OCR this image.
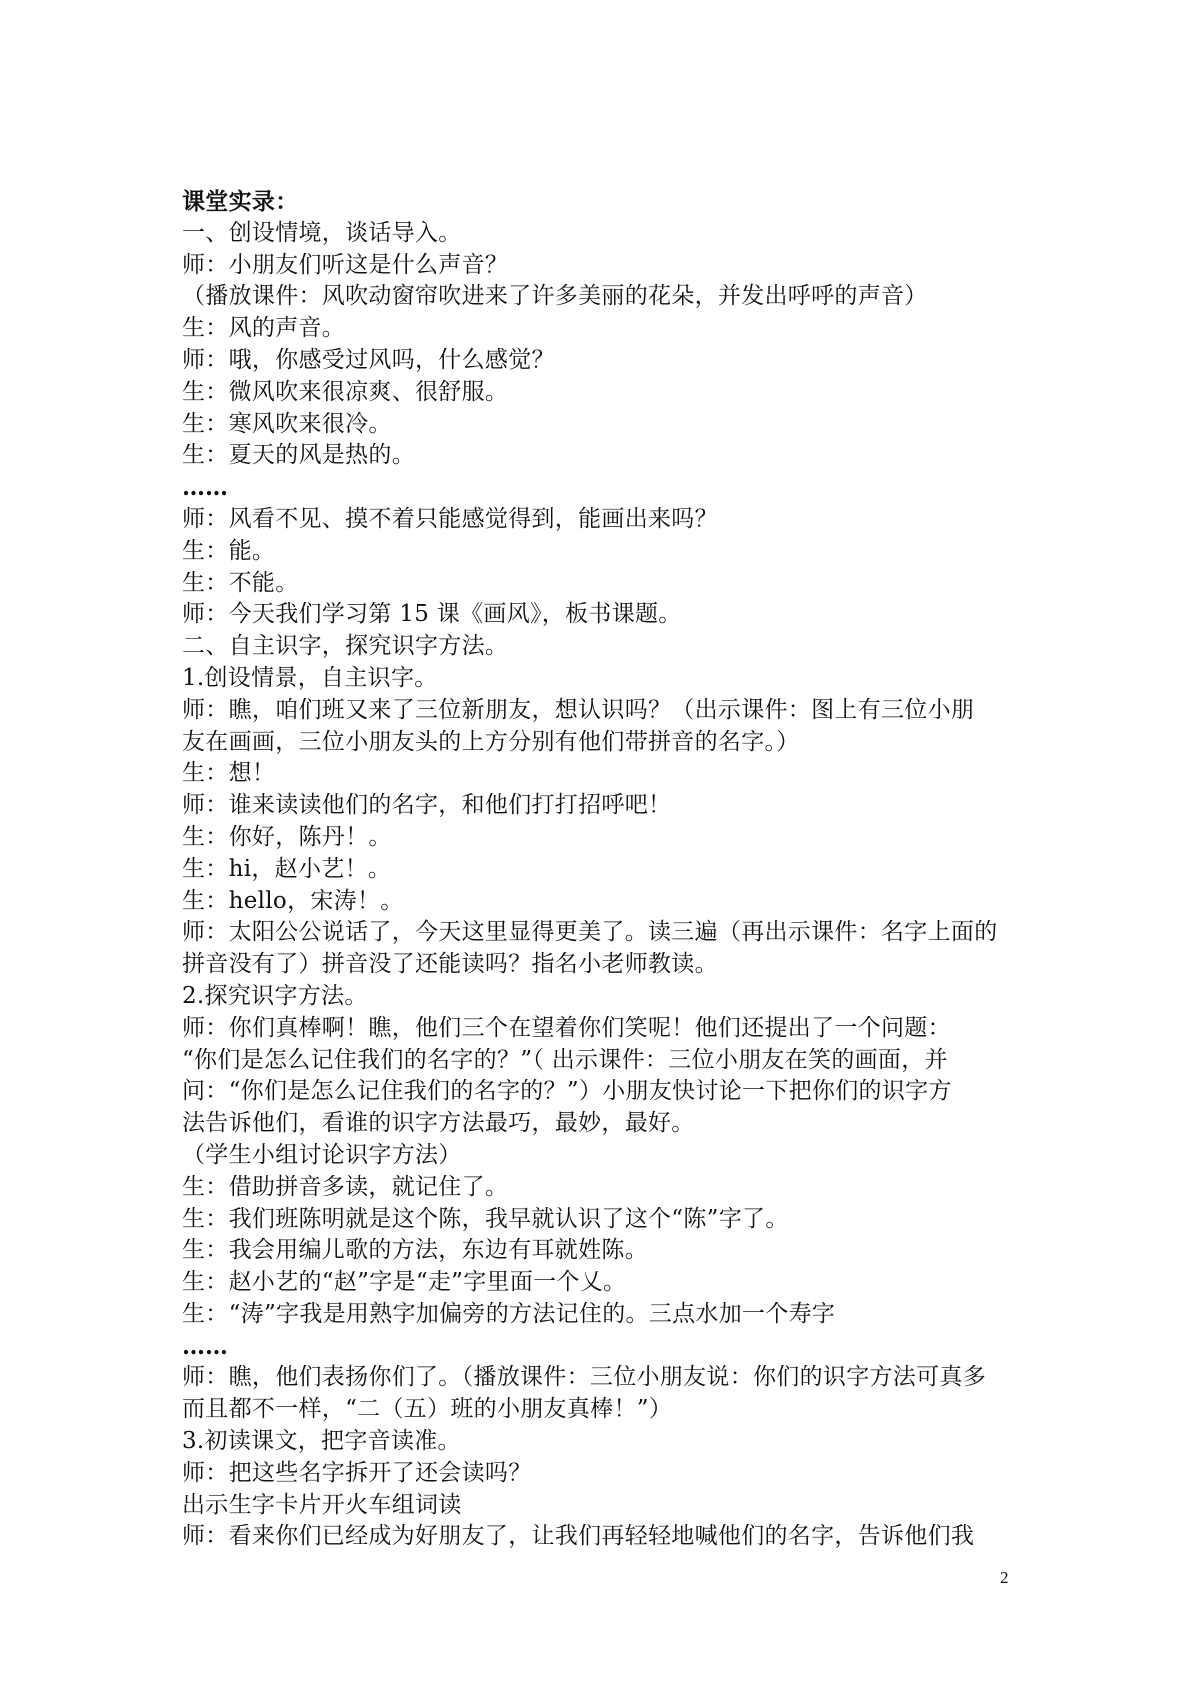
课堂实录：
一、创设情境，谈话导入。
师：小朋友们听这是什么声音？
（播放课件：风吹动窗帘吹进来了许多美丽的花朵，并发出呼呼的声音）
生：风的声音。
师：哦，你感受过风吗，什么感觉？
生：微风吹来很凉爽、很舒服。
生：寒风吹来很冷。
生：夏天的风是热的。
……
师：风看不见、摸不着只能感觉得到，能画出来吗？
生：能。
生：不能。
师：今天我们学习第 15 课《画风》，板书课题。
二、自主识字，探究识字方法。
1.创设情景，自主识字。
师：瞧，咱们班又来了三位新朋友，想认识吗？（出示课件：图上有三位小朋
友在画画，三位小朋友头的上方分别有他们带拼音的名字。）
生：想！
师：谁来读读他们的名字，和他们打打招呼吧！
生：你好，陈丹！。
生：hi，赵小艺！。
生：hello，宋涛！。
师：太阳公公说话了，今天这里显得更美了。读三遍（再出示课件：名字上面的
拼音没有了）拼音没了还能读吗？指名小老师教读。
2.探究识字方法。
师：你们真棒啊！瞧，他们三个在望着你们笑呢！他们还提出了一个问题：
“你们是怎么记住我们的名字的？”（ 出示课件：三位小朋友在笑的画面，并
问：“你们是怎么记住我们的名字的？”）小朋友快讨论一下把你们的识字方
法告诉他们，看谁的识字方法最巧，最妙，最好。
（学生小组讨论识字方法）
生：借助拼音多读，就记住了。
生：我们班陈明就是这个陈，我早就认识了这个“陈”字了。
生：我会用编儿歌的方法，东边有耳就姓陈。
生：赵小艺的“赵”字是“走”字里面一个乂。
生：“涛”字我是用熟字加偏旁的方法记住的。三点水加一个寿字
……
师：瞧，他们表扬你们了。（播放课件：三位小朋友说：你们的识字方法可真多
而且都不一样，“二（五）班的小朋友真棒！”）
3.初读课文，把字音读准。
师：把这些名字拆开了还会读吗？
出示生字卡片开火车组词读
师：看来你们已经成为好朋友了，让我们再轻轻地喊他们的名字，告诉他们我
2
